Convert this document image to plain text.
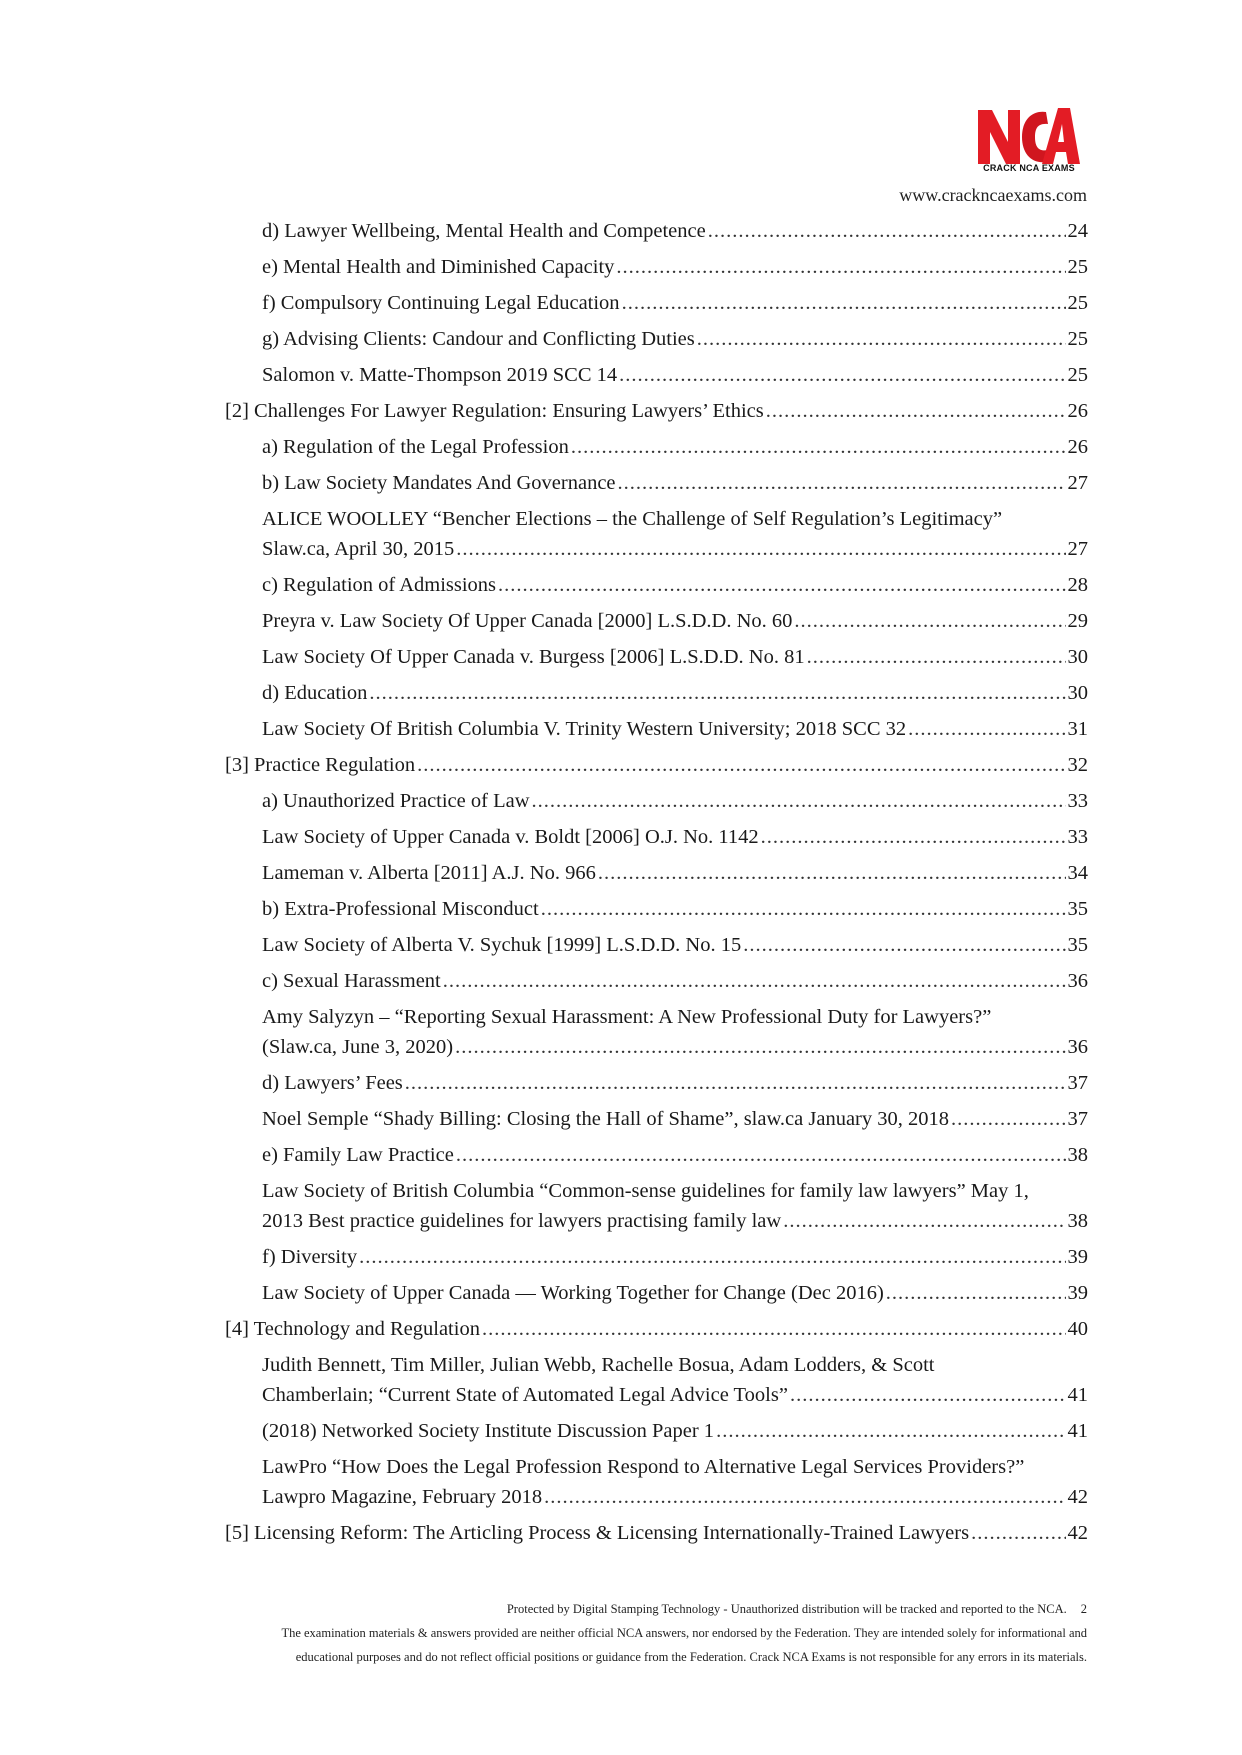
NCA
CRACK NCA EXAMS
www.crackncaexams.com
d) Lawyer Wellbeing, Mental Health and Competence .....	24
e) Mental Health and Diminished Capacity .....	25
f) Compulsory Continuing Legal Education .....	25
g) Advising Clients: Candour and Conflicting Duties .....	25
Salomon v. Matte-Thompson 2019 SCC 14 .....	25
[2] Challenges For Lawyer Regulation: Ensuring Lawyers’ Ethics .....	26
a) Regulation of the Legal Profession .....	26
b) Law Society Mandates And Governance .....	27
ALICE WOOLLEY “Bencher Elections – the Challenge of Self Regulation’s Legitimacy”
Slaw.ca, April 30, 2015 .....	27
c) Regulation of Admissions .....	28
Preyra v. Law Society Of Upper Canada [2000] L.S.D.D. No. 60 .....	29
Law Society Of Upper Canada v. Burgess [2006] L.S.D.D. No. 81 .....	30
d) Education .....	30
Law Society Of British Columbia V. Trinity Western University; 2018 SCC 32 .....	31
[3] Practice Regulation .....	32
a) Unauthorized Practice of Law .....	33
Law Society of Upper Canada v. Boldt [2006] O.J. No. 1142 .....	33
Lameman v. Alberta [2011] A.J. No. 966 .....	34
b) Extra-Professional Misconduct .....	35
Law Society of Alberta V. Sychuk [1999] L.S.D.D. No. 15 .....	35
c) Sexual Harassment .....	36
Amy Salyzyn – “Reporting Sexual Harassment: A New Professional Duty for Lawyers?”
(Slaw.ca, June 3, 2020) .....	36
d) Lawyers’ Fees .....	37
Noel Semple “Shady Billing: Closing the Hall of Shame”, slaw.ca January 30, 2018 .....	37
e) Family Law Practice .....	38
Law Society of British Columbia “Common-sense guidelines for family law lawyers” May 1,
2013 Best practice guidelines for lawyers practising family law .....	38
f) Diversity .....	39
Law Society of Upper Canada — Working Together for Change (Dec 2016) .....	39
[4] Technology and Regulation .....	40
Judith Bennett, Tim Miller, Julian Webb, Rachelle Bosua, Adam Lodders, & Scott
Chamberlain; “Current State of Automated Legal Advice Tools” .....	41
(2018) Networked Society Institute Discussion Paper 1 .....	41
LawPro “How Does the Legal Profession Respond to Alternative Legal Services Providers?”
Lawpro Magazine, February 2018 .....	42
[5] Licensing Reform: The Articling Process & Licensing Internationally-Trained Lawyers .....	42
Protected by Digital Stamping Technology - Unauthorized distribution will be tracked and reported to the NCA. 2
The examination materials & answers provided are neither official NCA answers, nor endorsed by the Federation. They are intended solely for informational and
educational purposes and do not reflect official positions or guidance from the Federation. Crack NCA Exams is not responsible for any errors in its materials.
